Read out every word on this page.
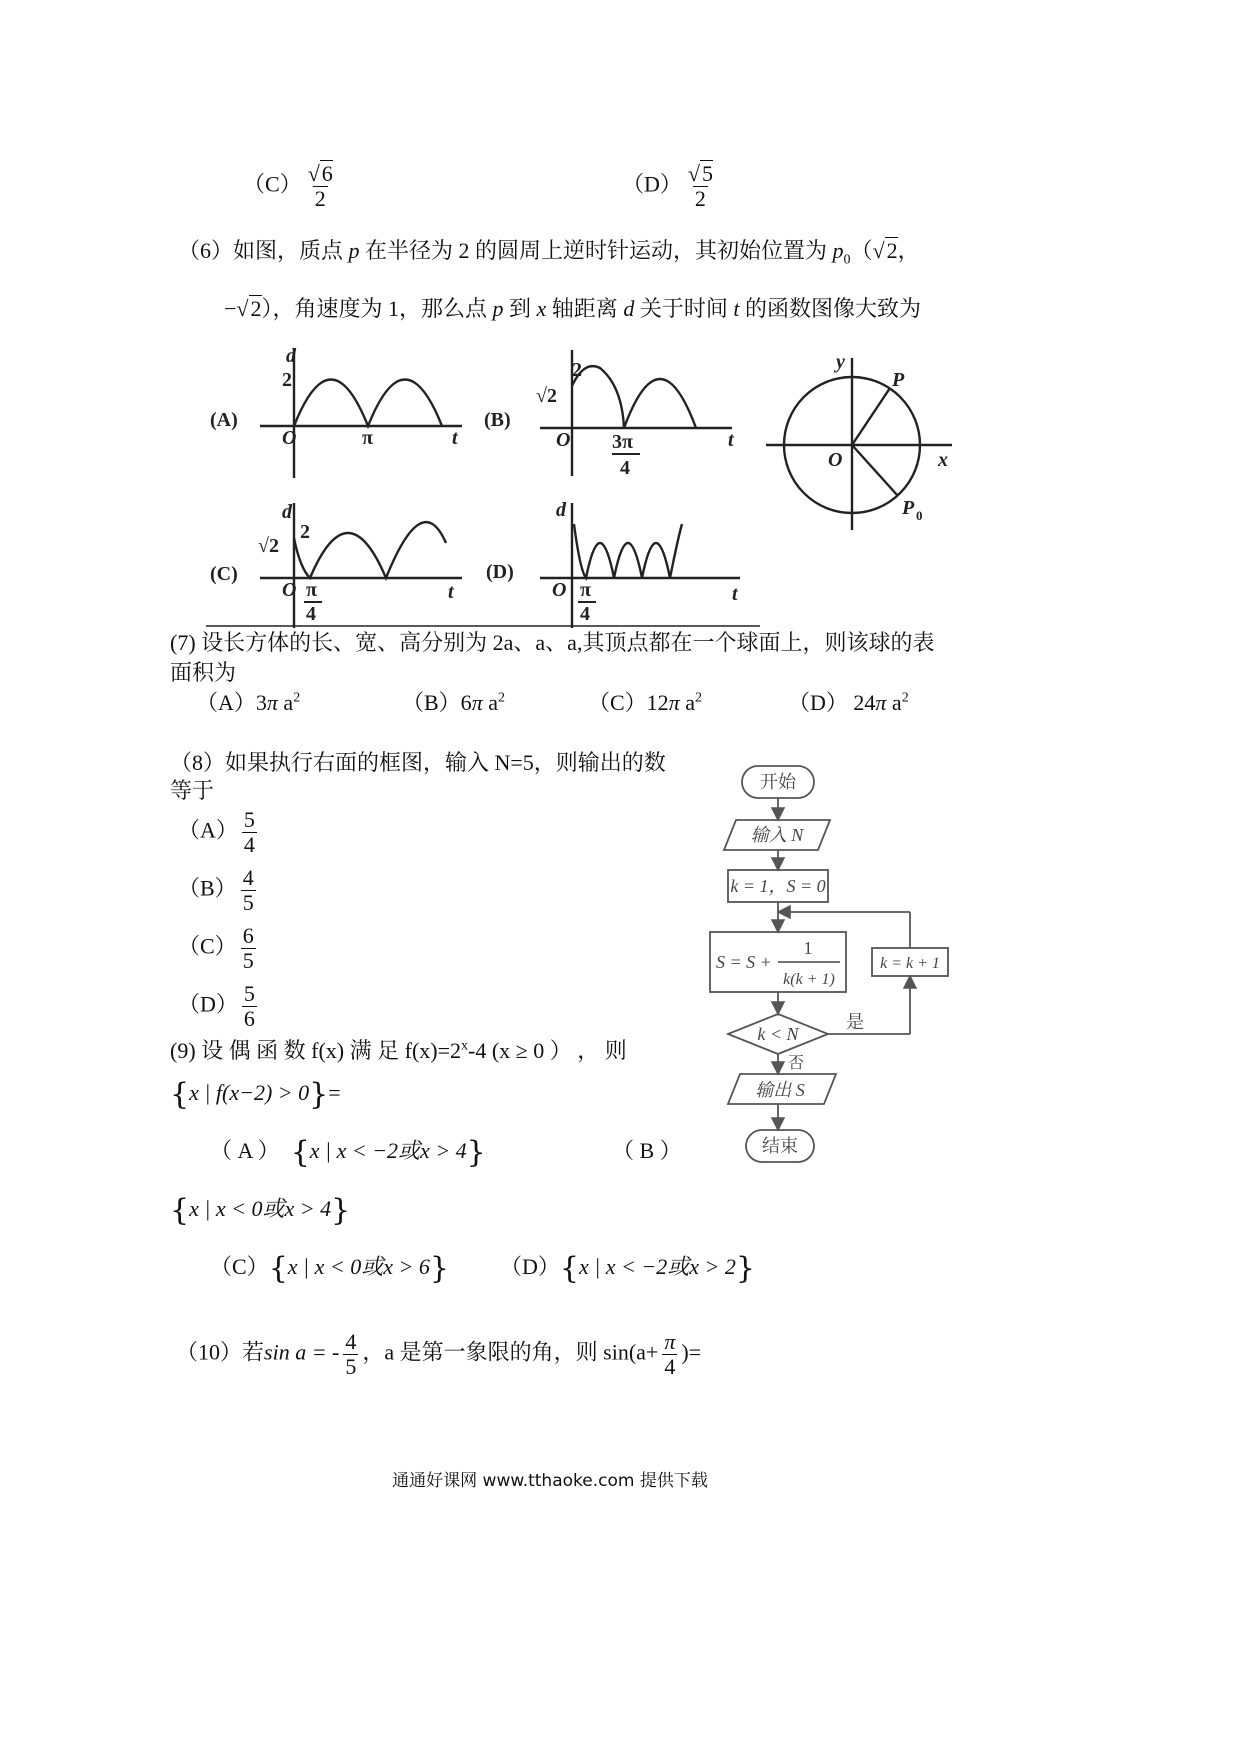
$(C) \frac{√6}{2}$	$(D) \frac{√5}{2}$
（6）如图，质点 p 在半径为 2 的圆周上逆时针运动，其初始位置为 $p_0(√2$，
−√2），角速度为 1，那么点 p 到 x 轴距离 d 关于时间 t 的函数图像大致为
(A)
d
2
O	π	t
(B)
√2
2
O 3π
4
t
(C)
d
2
√2
O π
4
t
(D)
d
O π
4
t
y
x
O
P
P 0
(7) 设长方体的长、宽、高分别为 2a、a、a,其顶点都在一个球面上，则该球的表
面积为
（A）3π $a^2$	（B）6π $a^2$	（C）12π $a^2$	（D） 24π $a^2$
（8）如果执行右面的框图，输入 N=5，则输出的数
等于
$(A) \frac{5}{4}$
$(B) \frac{4}{5}$
$(C) \frac{6}{5}$
$(D) \frac{5}{6}$
开始
输入 N
k = 1，S = 0
S = S +
1
k(k + 1)
k = k + 1
k < N
是
否
输出 S
结束
(9) 设 偶 函 数 f(x) 满 足 $f(x)=2^x-4$ (x ≥ 0 ） ， 则
{x | f(x−2) > 0}=
（ A ） {x | x < −2或x > 4}	（ B ）
{x | x < 0或x > 4}
（C）{x | x < 0或x > 6} （D）{x | x < −2或x > 2}
（10）若sin a = - $\frac{4}{5}$ ，a 是第一象限的角，则 $\sin(a+ \frac{\pi}{4}$ )=
通通好课网 www.tthaoke.com 提供下载
